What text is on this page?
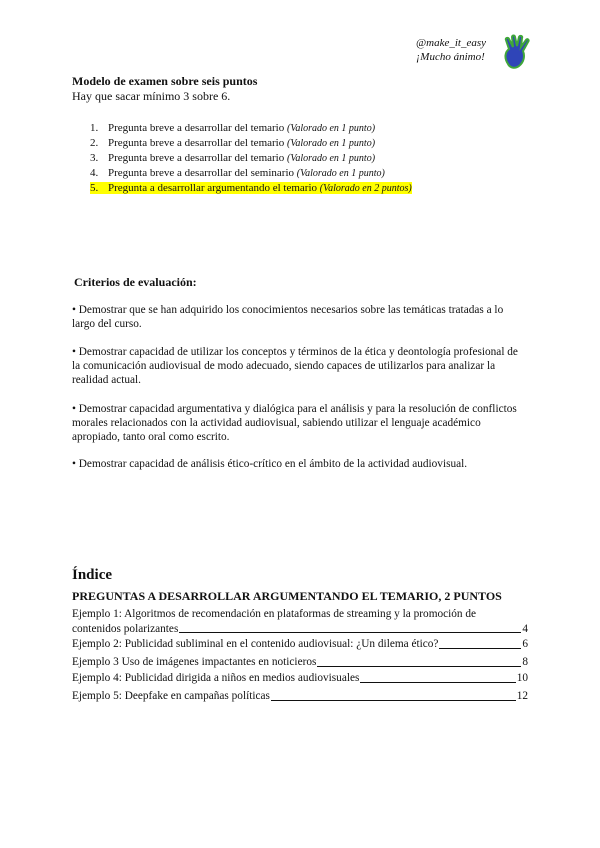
@make_it_easy
¡Mucho ánimo!
Modelo de examen sobre seis puntos
Hay que sacar mínimo 3 sobre 6.
1. Pregunta breve a desarrollar del temario (Valorado en 1 punto)
2. Pregunta breve a desarrollar del temario (Valorado en 1 punto)
3. Pregunta breve a desarrollar del temario (Valorado en 1 punto)
4. Pregunta breve a desarrollar del seminario (Valorado en 1 punto)
5. Pregunta a desarrollar argumentando el temario (Valorado en 2 puntos)
Criterios de evaluación:

• Demostrar que se han adquirido los conocimientos necesarios sobre las temáticas tratadas a lo largo del curso.

• Demostrar capacidad de utilizar los conceptos y términos de la ética y deontología profesional de la comunicación audiovisual de modo adecuado, siendo capaces de utilizarlos para analizar la realidad actual.

• Demostrar capacidad argumentativa y dialógica para el análisis y para la resolución de conflictos morales relacionados con la actividad audiovisual, sabiendo utilizar el lenguaje académico apropiado, tanto oral como escrito.

• Demostrar capacidad de análisis ético-crítico en el ámbito de la actividad audiovisual.

Índice
PREGUNTAS A DESARROLLAR ARGUMENTANDO EL TEMARIO, 2 PUNTOS
Ejemplo 1: Algoritmos de recomendación en plataformas de streaming y la promoción de
contenidos polarizantes	4
Ejemplo 2: Publicidad subliminal en el contenido audiovisual: ¿Un dilema ético?	6
Ejemplo 3 Uso de imágenes impactantes en noticieros	8
Ejemplo 4: Publicidad dirigida a niños en medios audiovisuales	10
Ejemplo 5: Deepfake en campañas políticas	12
